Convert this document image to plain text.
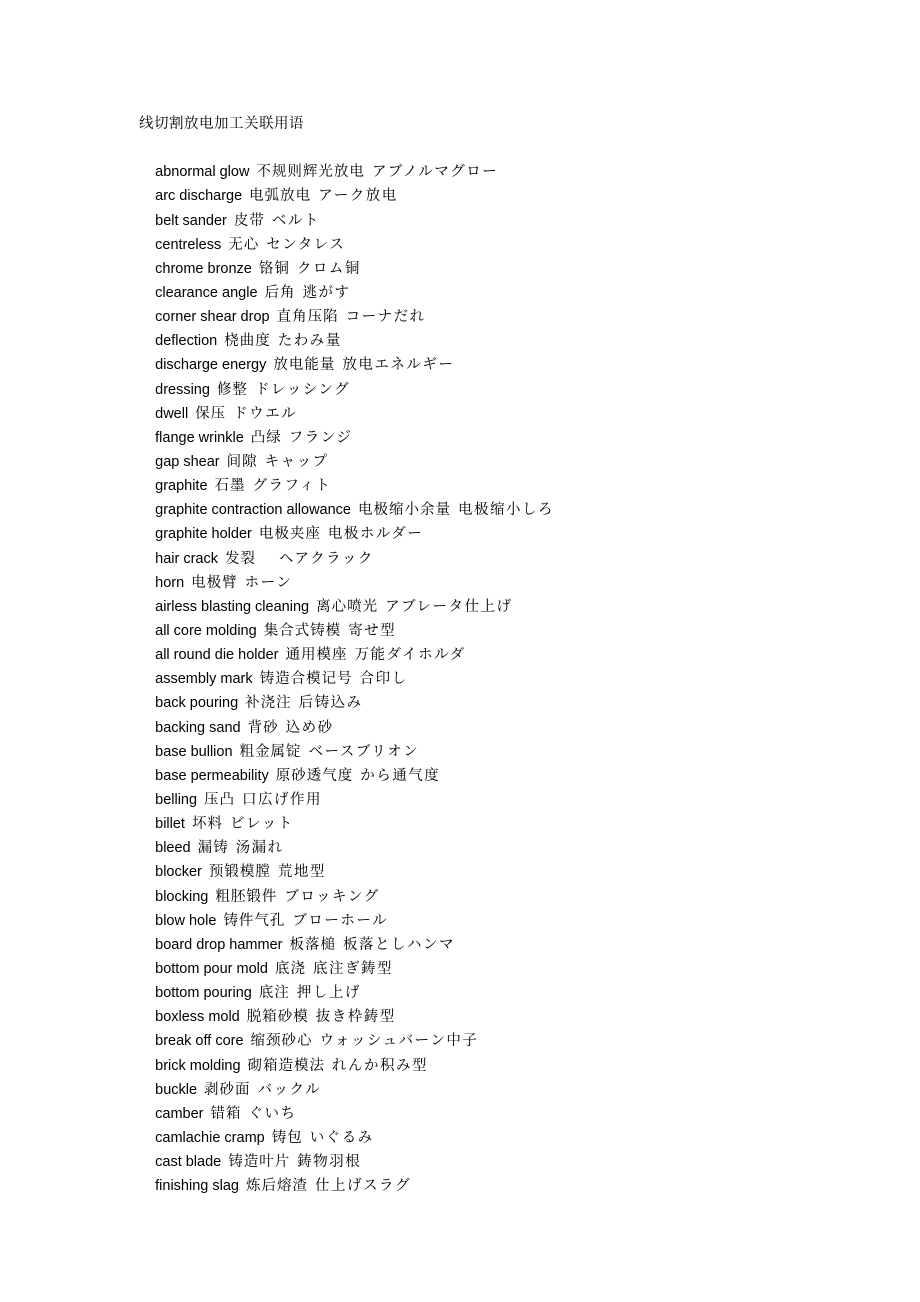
线切割放电加工关联用语

abnormal glow 不规则辉光放电 アブノルマグロー

arc discharge 电弧放电 アーク放电

belt sander 皮带 ベルト

centreless 无心 センタレス

chrome bronze 铬铜 クロム铜

clearance angle 后角 逃がす

corner shear drop 直角压陷 コーナだれ

deflection 桡曲度 たわみ量

discharge energy 放电能量 放电エネルギー

dressing 修整 ドレッシング

dwell 保压 ドウエル

flange wrinkle 凸绿 フランジ

gap shear 间隙 キャップ

graphite 石墨 グラフィト

graphite contraction allowance 电极缩小余量 电极缩小しろ

graphite holder 电极夹座 电极ホルダー

hair crack 发裂　ヘアクラック

horn 电极臂 ホーン

airless blasting cleaning 离心喷光 アブレータ仕上げ

all core molding 集合式铸模 寄せ型

all round die holder 通用模座 万能ダイホルダ

assembly mark 铸造合模记号 合印し

back pouring 补浇注 后铸込み

backing sand 背砂 込め砂

base bullion 粗金属锭 ベースブリオン

base permeability 原砂透气度 から通气度

belling 压凸 口広げ作用

billet 坏料 ビレット

bleed 漏铸 汤漏れ

blocker 预锻模膛 荒地型

blocking 粗胚锻件 ブロッキング

blow hole 铸件气孔 ブローホール

board drop hammer 板落槌 板落としハンマ

bottom pour mold 底浇 底注ぎ鋳型

bottom pouring 底注 押し上げ

boxless mold 脱箱砂模 抜き枠鋳型

break off core 缩颈砂心 ウォッシュバーン中子

brick molding 砌箱造模法 れんか积み型

buckle 剥砂面 バックル

camber 错箱 ぐいち

camlachie cramp 铸包 いぐるみ

cast blade 铸造叶片 鋳物羽根

finishing slag 炼后熔渣 仕上げスラグ
